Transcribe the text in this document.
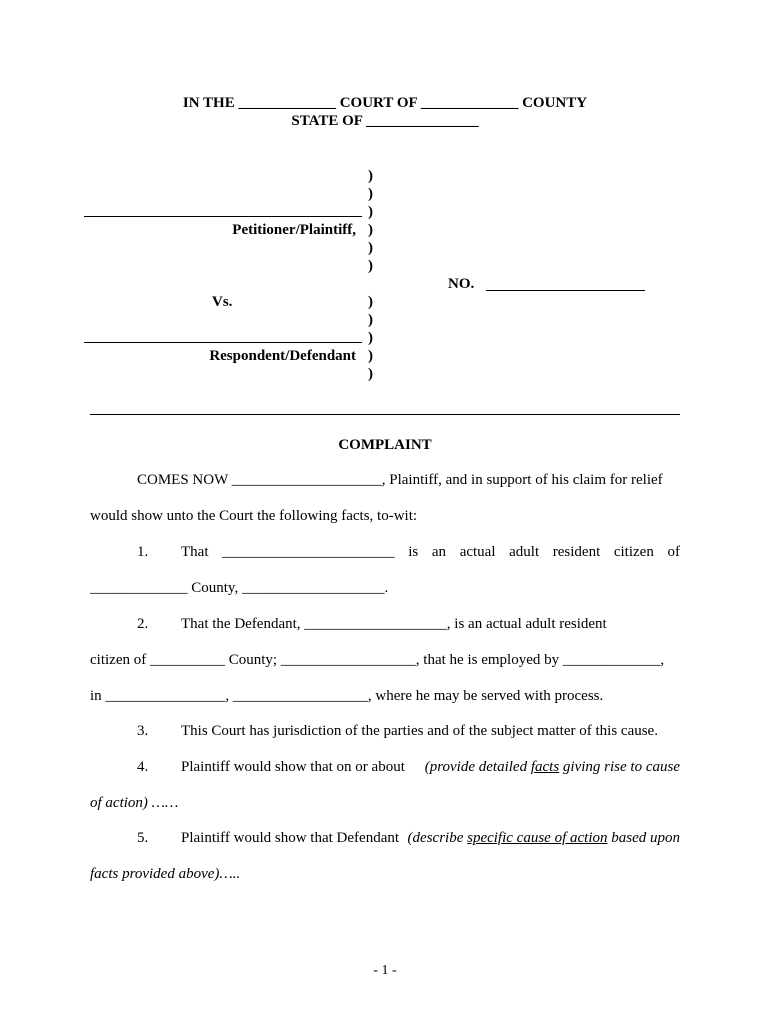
IN THE _____________ COURT OF _____________ COUNTY
STATE OF _______________
)
)
)
)
)
)
)
)
)
)
)
Petitioner/Plaintiff,
Vs.
NO.
Respondent/Defendant
COMPLAINT
COMES NOW ____________________, Plaintiff, and in support of his claim for relief
would show unto the Court the following facts, to-wit:
1. That _______________________ is an actual adult resident citizen of
_____________ County, ___________________.
2. That the Defendant, ___________________, is an actual adult resident
citizen of __________ County; __________________, that he is employed by _____________,
in ________________, __________________, where he may be served with process.
3. This Court has jurisdiction of the parties and of the subject matter of this cause.
4. Plaintiff would show that on or about (provide detailed facts giving rise to cause
of action) ……
5. Plaintiff would show that Defendant (describe specific cause of action based upon
facts provided above)…..
- 1 -
